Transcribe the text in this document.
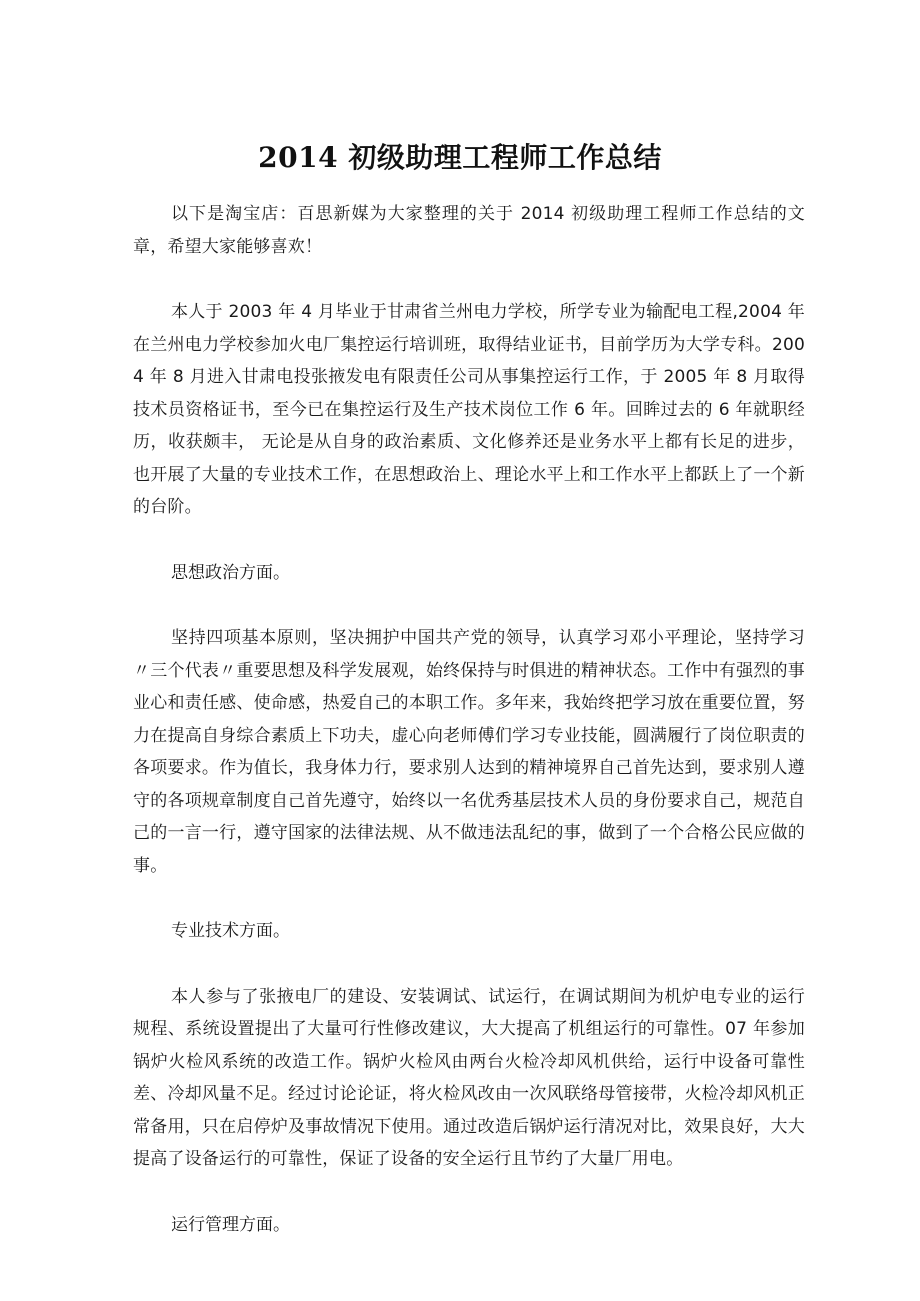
2014 初级助理工程师工作总结

以下是淘宝店：百思新媒为大家整理的关于 2014 初级助理工程师工作总结的文章，希望大家能够喜欢！

本人于 2003 年 4 月毕业于甘肃省兰州电力学校，所学专业为输配电工程,2004 年在兰州电力学校参加火电厂集控运行培训班，取得结业证书，目前学历为大学专科。2004 年 8 月进入甘肃电投张掖发电有限责任公司从事集控运行工作，于 2005 年 8 月取得技术员资格证书，至今已在集控运行及生产技术岗位工作 6 年。回眸过去的 6 年就职经历，收获颇丰， 无论是从自身的政治素质、文化修养还是业务水平上都有长足的进步，也开展了大量的专业技术工作，在思想政治上、理论水平上和工作水平上都跃上了一个新的台阶。

思想政治方面。

坚持四项基本原则，坚决拥护中国共产党的领导，认真学习邓小平理论，坚持学习〃三个代表〃重要思想及科学发展观，始终保持与时俱进的精神状态。工作中有强烈的事业心和责任感、使命感，热爱自己的本职工作。多年来，我始终把学习放在重要位置，努力在提高自身综合素质上下功夫，虚心向老师傅们学习专业技能，圆满履行了岗位职责的各项要求。作为值长，我身体力行，要求别人达到的精神境界自己首先达到，要求别人遵守的各项规章制度自己首先遵守，始终以一名优秀基层技术人员的身份要求自己，规范自己的一言一行，遵守国家的法律法规、从不做违法乱纪的事，做到了一个合格公民应做的事。

专业技术方面。

本人参与了张掖电厂的建设、安装调试、试运行，在调试期间为机炉电专业的运行规程、系统设置提出了大量可行性修改建议，大大提高了机组运行的可靠性。07 年参加锅炉火检风系统的改造工作。锅炉火检风由两台火检冷却风机供给，运行中设备可靠性差、冷却风量不足。经过讨论论证，将火检风改由一次风联络母管接带，火检冷却风机正常备用，只在启停炉及事故情况下使用。通过改造后锅炉运行清况对比，效果良好，大大提高了设备运行的可靠性，保证了设备的安全运行且节约了大量厂用电。

运行管理方面。
